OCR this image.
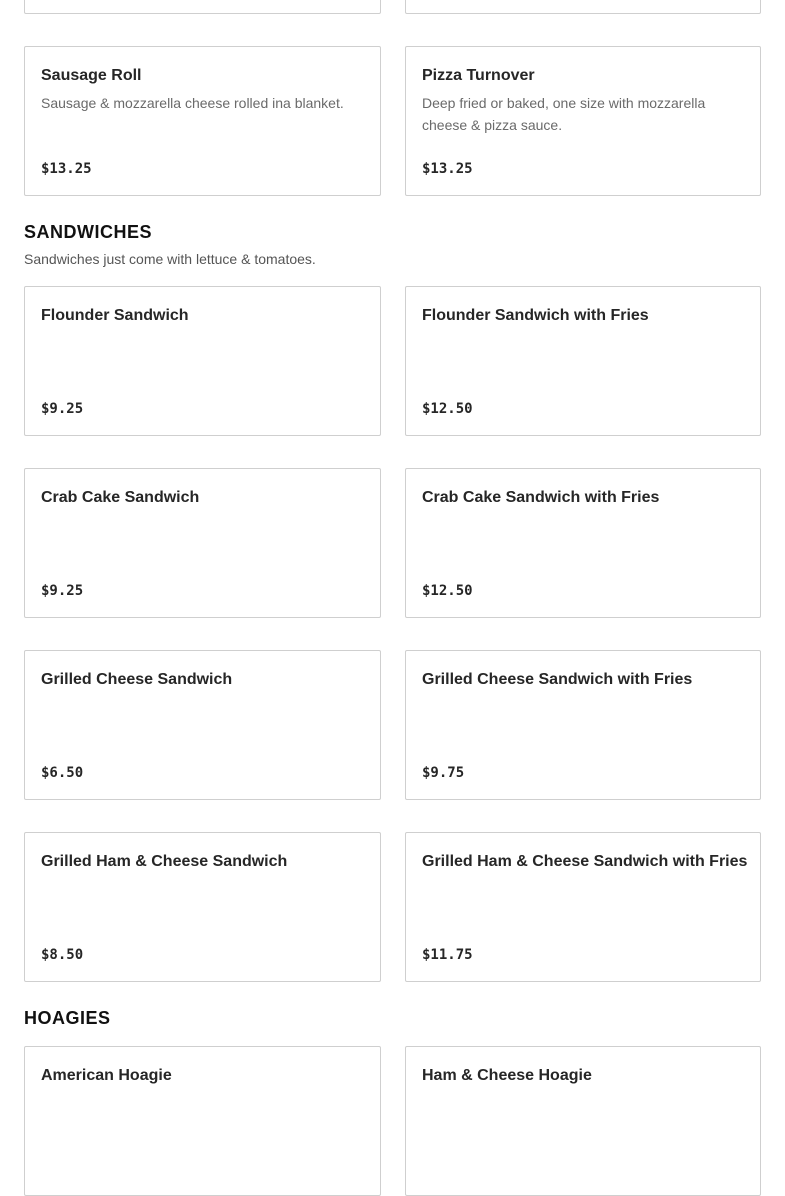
Sausage Roll
Sausage & mozzarella cheese rolled ina blanket.
$13.25
Pizza Turnover
Deep fried or baked, one size with mozzarella cheese & pizza sauce.
$13.25
SANDWICHES

Sandwiches just come with lettuce & tomatoes.

Flounder Sandwich
$9.25
Flounder Sandwich with Fries
$12.50
Crab Cake Sandwich
$9.25
Crab Cake Sandwich with Fries
$12.50
Grilled Cheese Sandwich
$6.50
Grilled Cheese Sandwich with Fries
$9.75
Grilled Ham & Cheese Sandwich
$8.50
Grilled Ham & Cheese Sandwich with Fries
$11.75
HOAGIES
American Hoagie	Ham & Cheese Hoagie
